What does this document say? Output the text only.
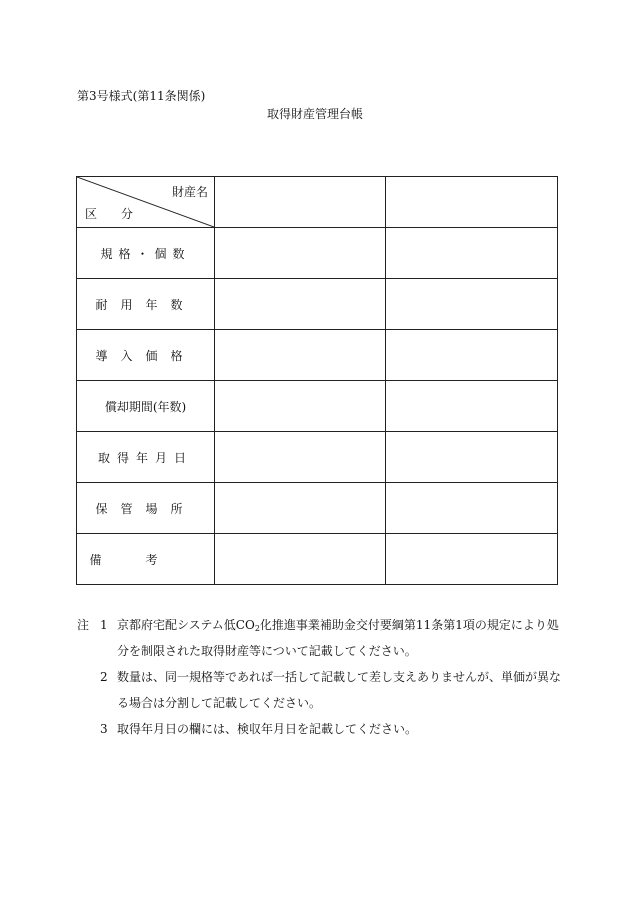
第3号様式(第11条関係)
取得財産管理台帳
財産名
区 分		

規格・個数		
耐用年数		
導入価格		
償却期間(年数)		
取得年月日		
保管場所		
備考		
注 1 京都府宅配システム低$CO_2$化推進事業補助金交付要綱第11条第1項の規定により処分を制限された取得財産等について記載してください。
2 数量は、同一規格等であれば一括して記載して差し支えありませんが、単価が異なる場合は分割して記載してください。
3 取得年月日の欄には、検収年月日を記載してください。
